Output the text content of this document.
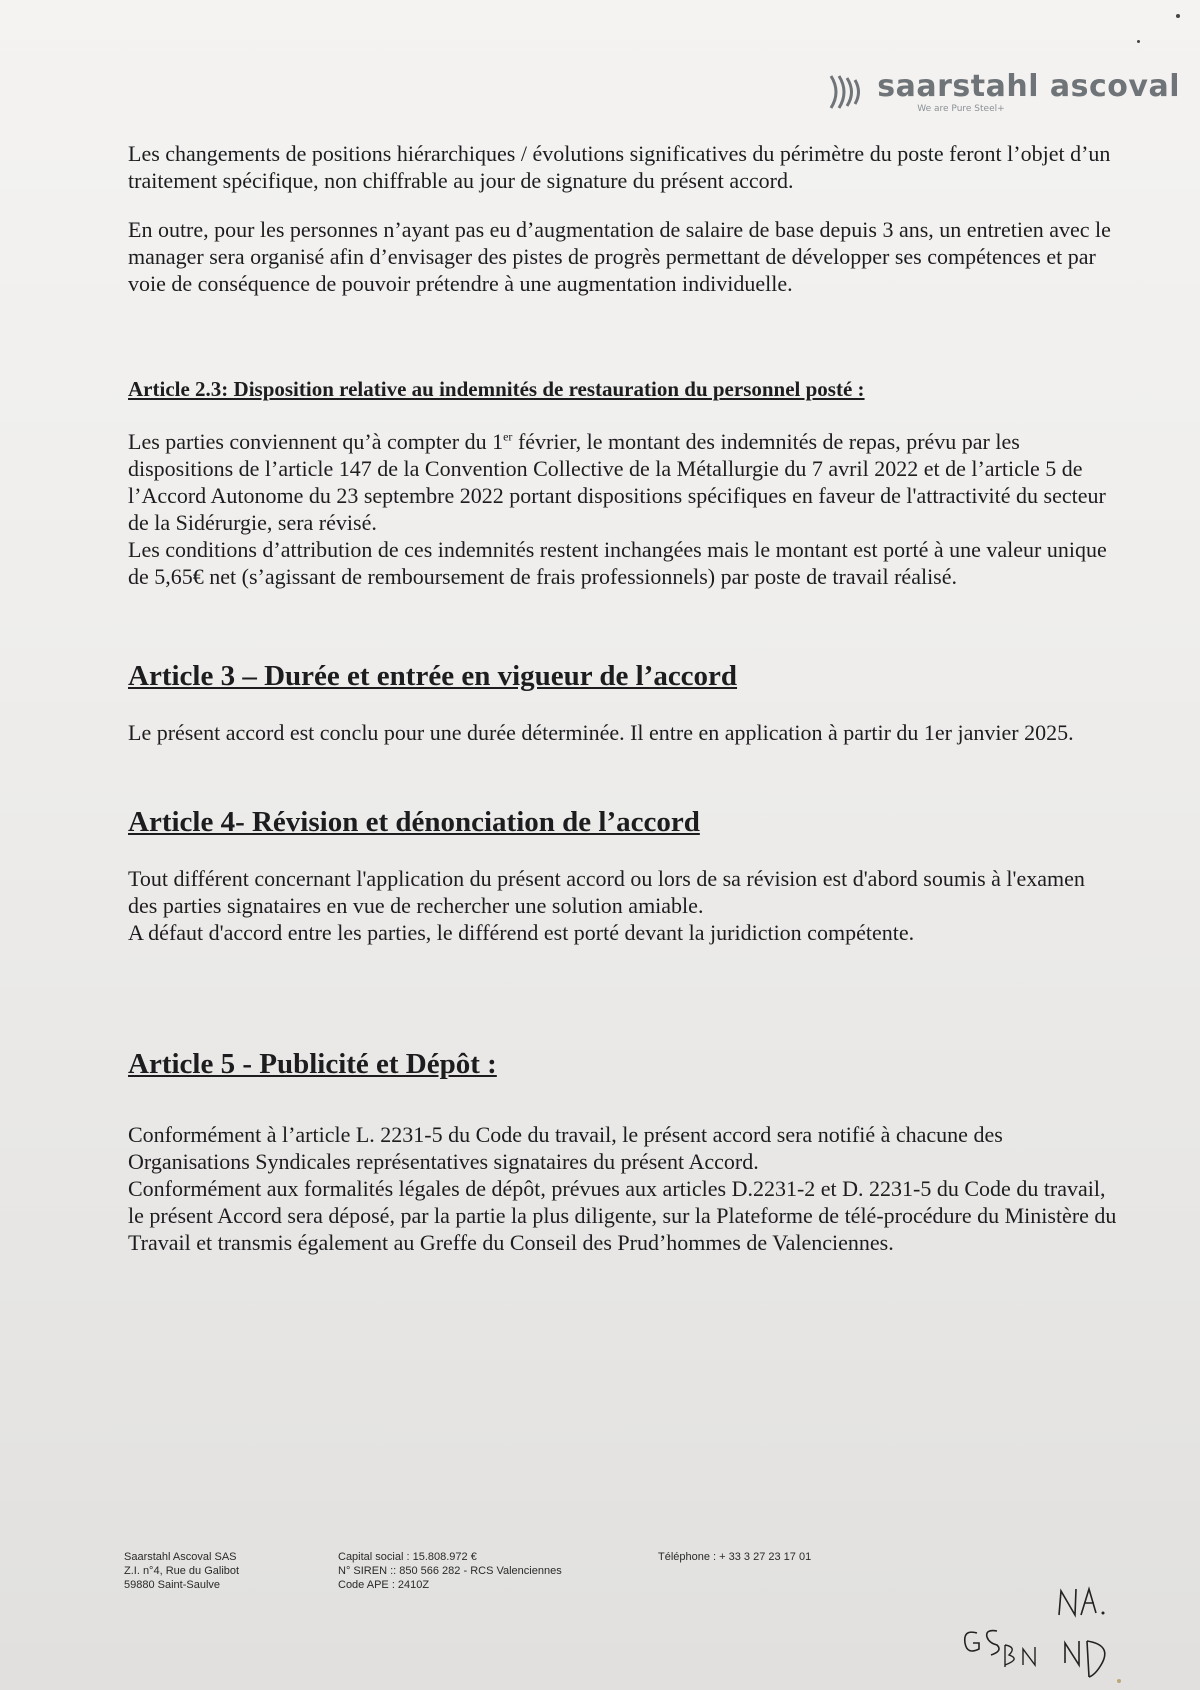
saarstahl ascoval
We are Pure Steel+

Les changements de positions hiérarchiques / évolutions significatives du périmètre du poste feront l’objet d’un traitement spécifique, non chiffrable au jour de signature du présent accord.

En outre, pour les personnes n’ayant pas eu d’augmentation de salaire de base depuis 3 ans, un entretien avec le manager sera organisé afin d’envisager des pistes de progrès permettant de développer ses compétences et par voie de conséquence de pouvoir prétendre à une augmentation individuelle.

Article 2.3: Disposition relative au indemnités de restauration du personnel posté :

Les parties conviennent qu’à compter du 1er février, le montant des indemnités de repas, prévu par les dispositions de l’article 147 de la Convention Collective de la Métallurgie du 7 avril 2022 et de l’article 5 de l’Accord Autonome du 23 septembre 2022 portant dispositions spécifiques en faveur de l'attractivité du secteur de la Sidérurgie, sera révisé.

Les conditions d’attribution de ces indemnités restent inchangées mais le montant est porté à une valeur unique de 5,65€ net (s’agissant de remboursement de frais professionnels) par poste de travail réalisé.

Article 3 – Durée et entrée en vigueur de l’accord

Le présent accord est conclu pour une durée déterminée. Il entre en application à partir du 1er janvier 2025.

Article 4- Révision et dénonciation de l’accord

Tout différent concernant l'application du présent accord ou lors de sa révision est d'abord soumis à l'examen des parties signataires en vue de rechercher une solution amiable.

A défaut d'accord entre les parties, le différend est porté devant la juridiction compétente.

Article 5 - Publicité et Dépôt :

Conformément à l’article L. 2231-5 du Code du travail, le présent accord sera notifié à chacune des Organisations Syndicales représentatives signataires du présent Accord.

Conformément aux formalités légales de dépôt, prévues aux articles D.2231-2 et D. 2231-5 du Code du travail, le présent Accord sera déposé, par la partie la plus diligente, sur la Plateforme de télé-procédure du Ministère du Travail et transmis également au Greffe du Conseil des Prud’hommes de Valenciennes.

Saarstahl Ascoval SAS
Z.I. n°4, Rue du Galibot
59880 Saint-Saulve
Capital social : 15.808.972 €
N° SIREN :: 850 566 282 - RCS Valenciennes
Code APE : 2410Z
Téléphone : + 33 3 27 23 17 01
